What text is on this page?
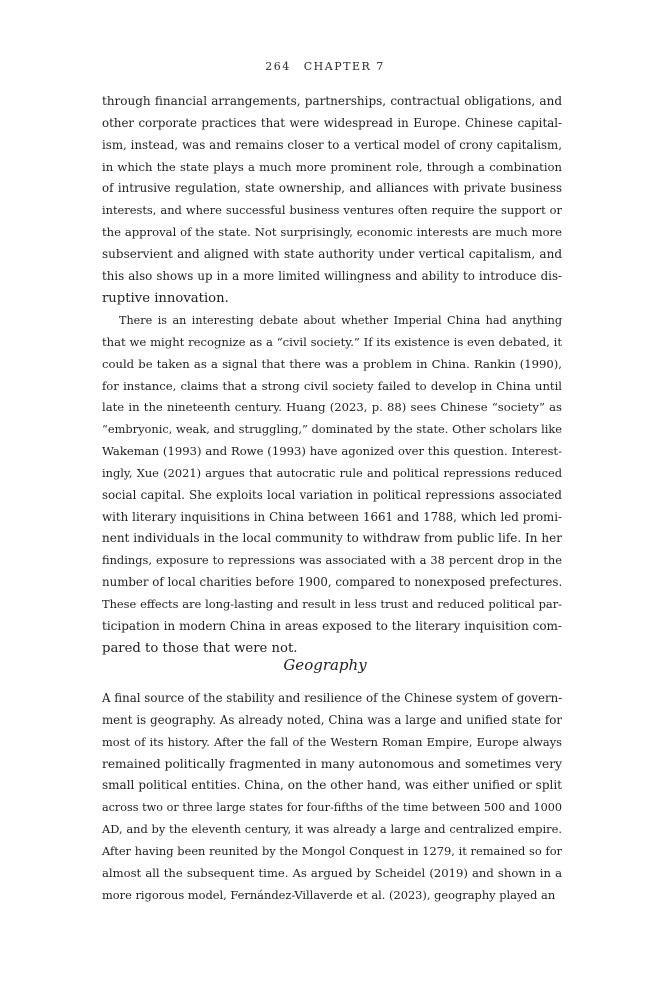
264 CHAPTER 7
through financial arrangements, partnerships, contractual obligations, and
other corporate practices that were widespread in Europe. Chinese capital-
ism, instead, was and remains closer to a vertical model of crony capitalism,
in which the state plays a much more prominent role, through a combination
of intrusive regulation, state ownership, and alliances with private business
interests, and where successful business ventures often require the support or
the approval of the state. Not surprisingly, economic interests are much more
subservient and aligned with state authority under vertical capitalism, and
this also shows up in a more limited willingness and ability to introduce dis-
ruptive innovation.
There is an interesting debate about whether Imperial China had anything
that we might recognize as a “civil society.” If its existence is even debated, it
could be taken as a signal that there was a problem in China. Rankin (1990),
for instance, claims that a strong civil society failed to develop in China until
late in the nineteenth century. Huang (2023, p. 88) sees Chinese “society” as
“embryonic, weak, and struggling,” dominated by the state. Other scholars like
Wakeman (1993) and Rowe (1993) have agonized over this question. Interest-
ingly, Xue (2021) argues that autocratic rule and political repressions reduced
social capital. She exploits local variation in political repressions associated
with literary inquisitions in China between 1661 and 1788, which led promi-
nent individuals in the local community to withdraw from public life. In her
findings, exposure to repressions was associated with a 38 percent drop in the
number of local charities before 1900, compared to nonexposed prefectures.
These effects are long-lasting and result in less trust and reduced political par-
ticipation in modern China in areas exposed to the literary inquisition com-
pared to those that were not.
Geography
A final source of the stability and resilience of the Chinese system of govern-
ment is geography. As already noted, China was a large and unified state for
most of its history. After the fall of the Western Roman Empire, Europe always
remained politically fragmented in many autonomous and sometimes very
small political entities. China, on the other hand, was either unified or split
across two or three large states for four-fifths of the time between 500 and 1000
AD, and by the eleventh century, it was already a large and centralized empire.
After having been reunited by the Mongol Conquest in 1279, it remained so for
almost all the subsequent time. As argued by Scheidel (2019) and shown in a
more rigorous model, Fernández-Villaverde et al. (2023), geography played an
